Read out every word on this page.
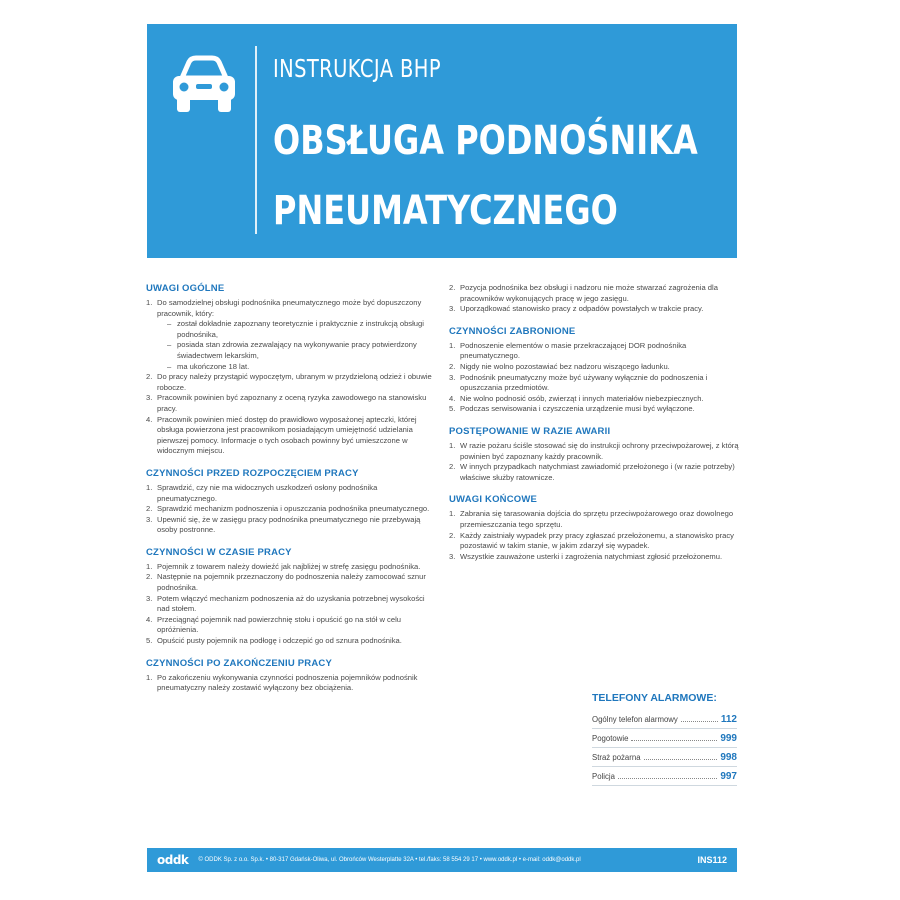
INSTRUKCJA BHP
OBSŁUGA PODNOŚNIKA
PNEUMATYCZNEGO
UWAGI OGÓLNE
1. Do samodzielnej obsługi podnośnika pneumatycznego może być dopuszczony pracownik, który:
– został dokładnie zapoznany teoretycznie i praktycznie z instrukcją obsługi podnośnika,
– posiada stan zdrowia zezwalający na wykonywanie pracy potwierdzony świadectwem lekarskim,
– ma ukończone 18 lat.
2. Do pracy należy przystąpić wypoczętym, ubranym w przydzieloną odzież i obuwie robocze.
3. Pracownik powinien być zapoznany z oceną ryzyka zawodowego na stanowisku pracy.
4. Pracownik powinien mieć dostęp do prawidłowo wyposażonej apteczki, której obsługa powierzona jest pracownikom posiadającym umiejętność udzielania pierwszej pomocy. Informacje o tych osobach powinny być umieszczone w widocznym miejscu.
CZYNNOŚCI PRZED ROZPOCZĘCIEM PRACY
1. Sprawdzić, czy nie ma widocznych uszkodzeń osłony podnośnika pneumatycznego.
2. Sprawdzić mechanizm podnoszenia i opuszczania podnośnika pneumatycznego.
3. Upewnić się, że w zasięgu pracy podnośnika pneumatycznego nie przebywają osoby postronne.
CZYNNOŚCI W CZASIE PRACY
1. Pojemnik z towarem należy dowieźć jak najbliżej w strefę zasięgu podnośnika.
2. Następnie na pojemnik przeznaczony do podnoszenia należy zamocować sznur podnośnika.
3. Potem włączyć mechanizm podnoszenia aż do uzyskania potrzebnej wysokości nad stołem.
4. Przeciągnąć pojemnik nad powierzchnię stołu i opuścić go na stół w celu opróżnienia.
5. Opuścić pusty pojemnik na podłogę i odczepić go od sznura podnośnika.
CZYNNOŚCI PO ZAKOŃCZENIU PRACY
1. Po zakończeniu wykonywania czynności podnoszenia pojemników podnośnik pneumatyczny należy zostawić wyłączony bez obciążenia.
2. Pozycja podnośnika bez obsługi i nadzoru nie może stwarzać zagrożenia dla pracowników wykonujących pracę w jego zasięgu.
3. Uporządkować stanowisko pracy z odpadów powstałych w trakcie pracy.
CZYNNOŚCI ZABRONIONE
1. Podnoszenie elementów o masie przekraczającej DOR podnośnika pneumatycznego.
2. Nigdy nie wolno pozostawiać bez nadzoru wiszącego ładunku.
3. Podnośnik pneumatyczny może być używany wyłącznie do podnoszenia i opuszczania przedmiotów.
4. Nie wolno podnosić osób, zwierząt i innych materiałów niebezpiecznych.
5. Podczas serwisowania i czyszczenia urządzenie musi być wyłączone.
POSTĘPOWANIE W RAZIE AWARII
1. W razie pożaru ściśle stosować się do instrukcji ochrony przeciwpożarowej, z którą powinien być zapoznany każdy pracownik.
2. W innych przypadkach natychmiast zawiadomić przełożonego i (w razie potrzeby) właściwe służby ratownicze.
UWAGI KOŃCOWE
1. Zabrania się tarasowania dojścia do sprzętu przeciwpożarowego oraz dowolnego przemieszczania tego sprzętu.
2. Każdy zaistniały wypadek przy pracy zgłaszać przełożonemu, a stanowisko pracy pozostawić w takim stanie, w jakim zdarzył się wypadek.
3. Wszystkie zauważone usterki i zagrożenia natychmiast zgłosić przełożonemu.
TELEFONY ALARMOWE:
Ogólny telefon alarmowy	112
Pogotowie	999
Straż pożarna	998
Policja	997
oddk © ODDK Sp. z o.o. Sp.k. • 80-317 Gdańsk-Oliwa, ul. Obrońców Westerplatte 32A • tel./faks: 58 554 29 17 • www.oddk.pl • e-mail: oddk@oddk.pl	INS112
